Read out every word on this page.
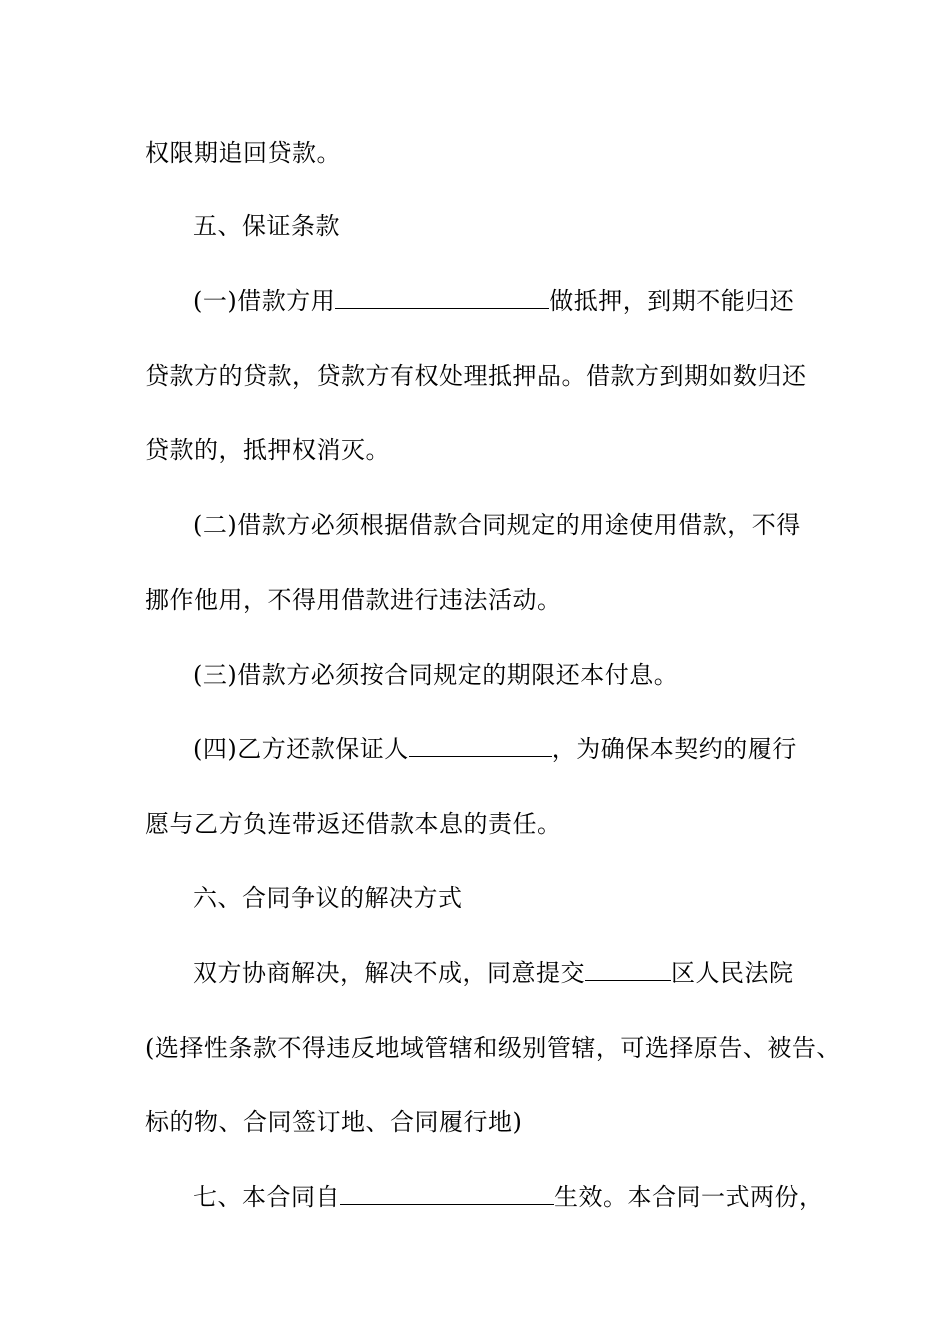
权限期追回贷款。
五、保证条款
(一)借款方用	做抵押，到期不能归还
贷款方的贷款，贷款方有权处理抵押品。借款方到期如数归还
贷款的，抵押权消灭。
(二)借款方必须根据借款合同规定的用途使用借款，不得
挪作他用，不得用借款进行违法活动。
(三)借款方必须按合同规定的期限还本付息。
(四)乙方还款保证人	，为确保本契约的履行
愿与乙方负连带返还借款本息的责任。
六、合同争议的解决方式
双方协商解决，解决不成，同意提交	区人民法院
(选择性条款不得违反地域管辖和级别管辖，可选择原告、被告、
标的物、合同签订地、合同履行地)
七、本合同自	生效。本合同一式两份，
